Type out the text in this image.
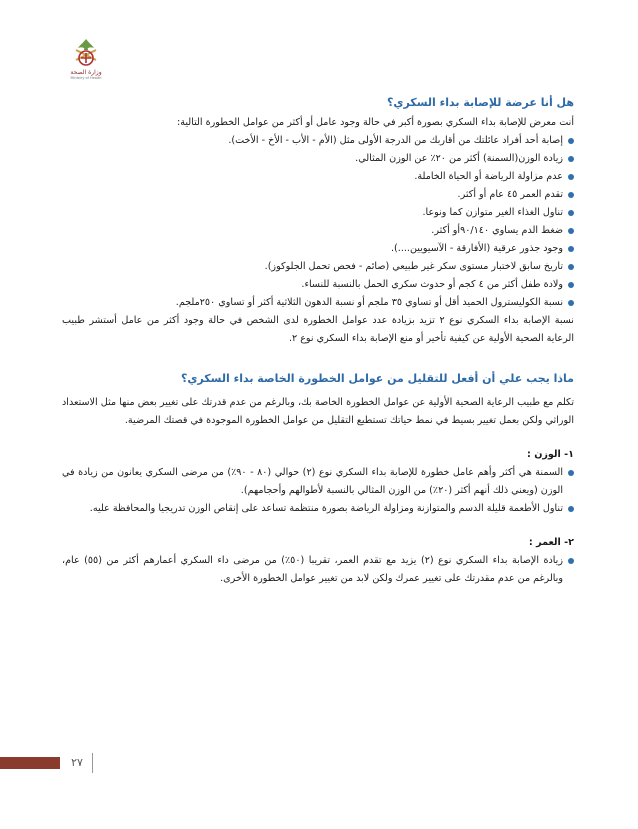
وزارة الصحة
Ministry of Health
هل أنا عرضة للإصابة بداء السكري؟

أنت معرض للإصابة بداء السكري بصورة أكبر في حالة وجود عامل أو أكثر من عوامل الخطورة التالية:

إصابة أحد أفراد عائلتك من أقاربك من الدرجة الأولى مثل (الأم - الأب - الأخ - الأخت).
زيادة الوزن(السمنة) أكثر من ٢٠٪ عن الوزن المثالي.
عدم مزاولة الرياضة أو الحياة الخاملة.
تقدم العمر ٤٥ عام أو أكثر.
تناول الغذاء الغير متوازن كما ونوعا.
ضغط الدم يساوي ٩٠/١٤٠أو أكثر.
وجود جذور عرقية (الأفارقة - الآسيويين....).
تاريخ سابق لاختبار مستوى سكر غير طبيعي (صائم - فحص تحمل الجلوكوز).
ولادة طفل أكثر من ٤ كجم أو حدوث سكري الحمل بالنسبة للنساء.
نسبة الكوليسترول الحميد أقل أو تساوي ٣٥ ملجم أو نسبة الدهون الثلاثية أكثر أو تساوي ٢٥٠ملجم.

نسبة الإصابة بداء السكري نوع ٢ تزيد بزيادة عدد عوامل الخطورة لدى الشخص في حالة وجود أكثر من عامل أستشر طبيب الرعاية الصحية الأولية عن كيفية تأخير أو منع الإصابة بداء السكري نوع ٢.

ماذا يجب علي أن أفعل للتقليل من عوامل الخطورة الخاصة بداء السكري؟

تكلم مع طبيب الرعاية الصحية الأولية عن عوامل الخطورة الخاصة بك، وبالرغم من عدم قدرتك على تغيير بعض منها مثل الاستعداد الوراثي ولكن بعمل تغيير بسيط في نمط حياتك تستطيع التقليل من عوامل الخطورة الموجودة في قصتك المرضية.

١- الوزن :
السمنة هي أكثر وأهم عامل خطورة للإصابة بداء السكري نوع (٢) حوالي (٨٠ - ٩٠٪) من مرضى السكري يعانون من زيادة في الوزن (ويعني ذلك أنهم أكثر (٢٠٪) من الوزن المثالي بالنسبة لأطوالهم وأحجامهم).
تناول الأطعمة قليلة الدسم والمتوازنة ومزاولة الرياضة بصورة منتظمة تساعد على إنقاص الوزن تدريجيا والمحافظة عليه.
٢- العمر :
زيادة الإصابة بداء السكري نوع (٢) يزيد مع تقدم العمر، تقريبا (٥٠٪) من مرضى داء السكري أعمارهم أكثر من (٥٥) عام، وبالرغم من عدم مقدرتك على تغيير عمرك ولكن لابد من تغيير عوامل الخطورة الأخرى.
٢٧
